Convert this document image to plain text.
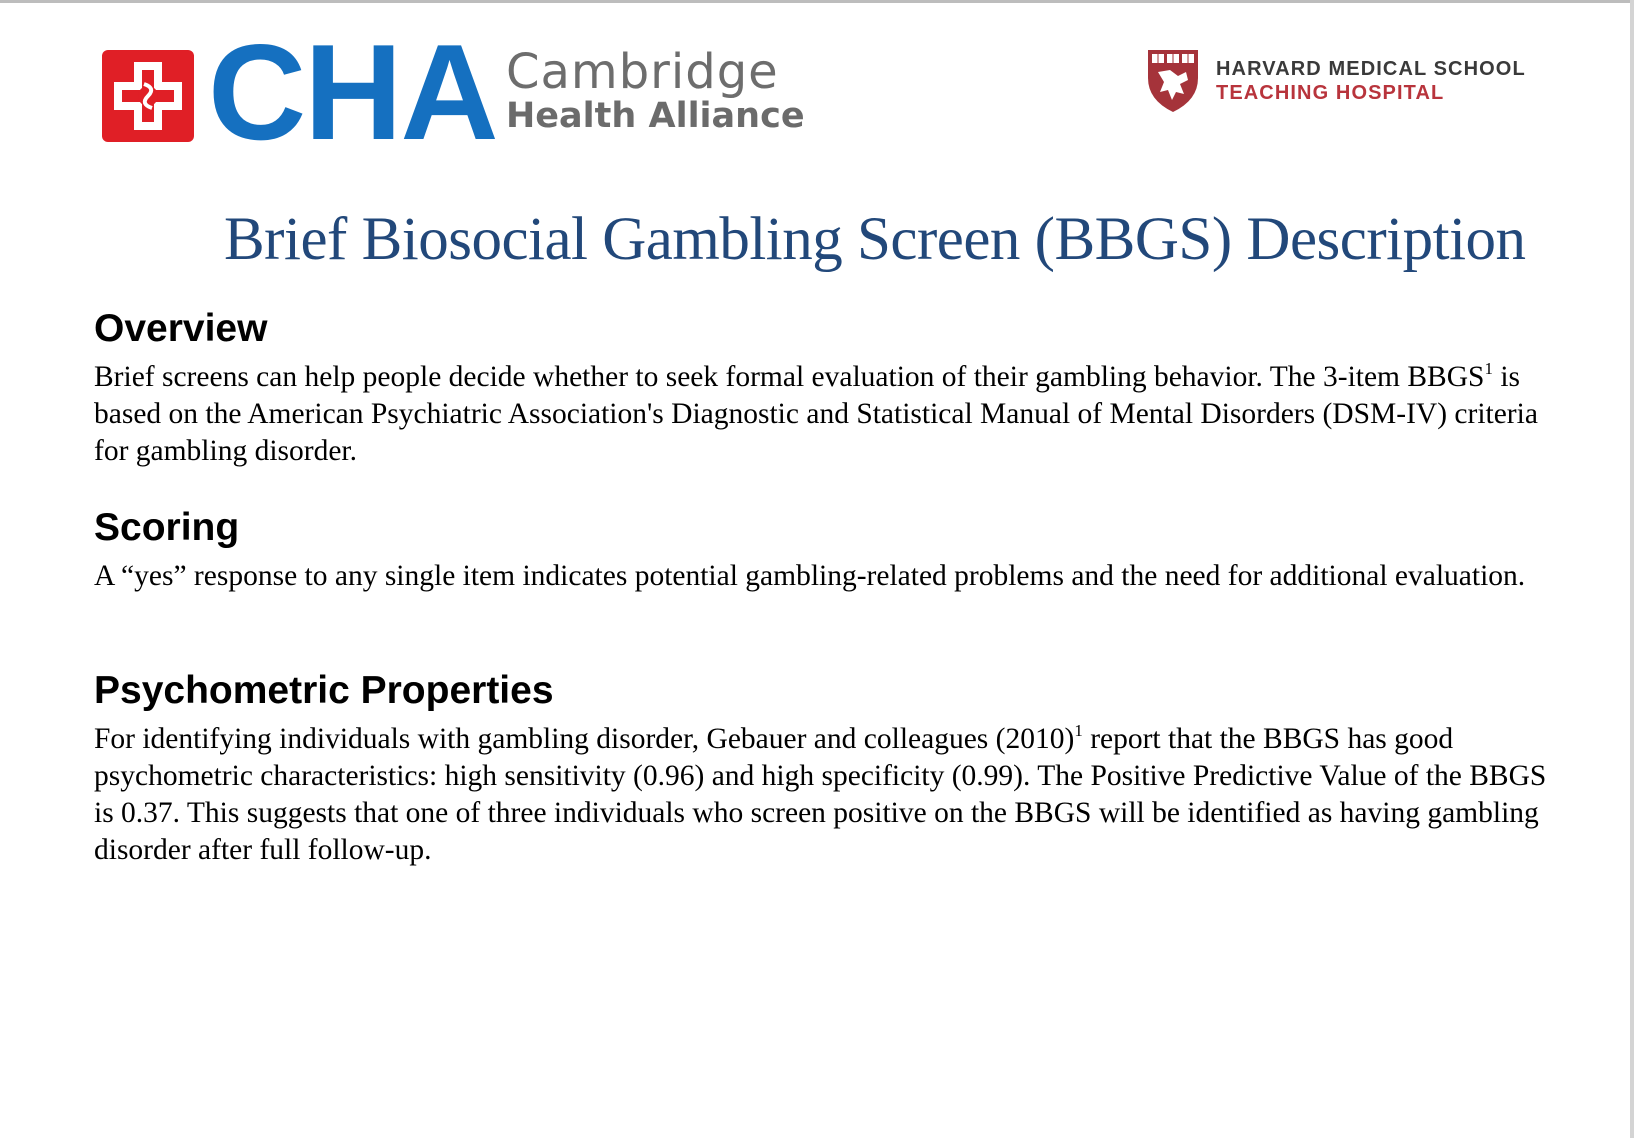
CHA Cambridge
Health Alliance
HARVARD MEDICAL SCHOOL
TEACHING HOSPITAL
Brief Biosocial Gambling Screen (BBGS) Description
Overview

Brief screens can help people decide whether to seek formal evaluation of their gambling behavior. The 3-item BBGS$^1$ is based on the American Psychiatric Association's Diagnostic and Statistical Manual of Mental Disorders (DSM-IV) criteria for gambling disorder.

Scoring

A “yes” response to any single item indicates potential gambling-related problems and the need for additional evaluation.

Psychometric Properties

For identifying individuals with gambling disorder, Gebauer and colleagues $(2010)^1$ report that the BBGS has good psychometric characteristics: high sensitivity (0.96) and high specificity (0.99). The Positive Predictive Value of the BBGS is 0.37. This suggests that one of three individuals who screen positive on the BBGS will be identified as having gambling disorder after full follow-up.
